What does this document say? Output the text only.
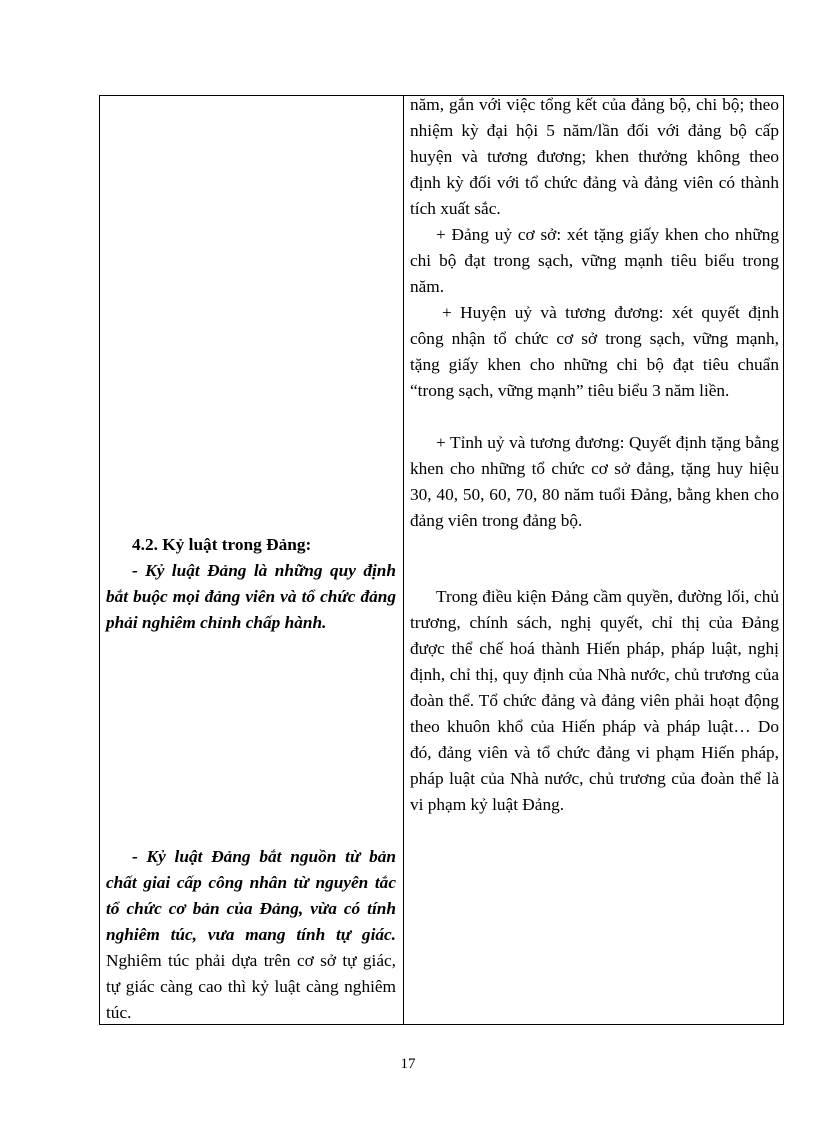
4.2. Kỷ luật trong Đảng:
- Kỷ luật Đảng là những quy định bắt buộc mọi đảng viên và tổ chức đảng phải nghiêm chỉnh chấp hành.
- Kỷ luật Đảng bắt nguồn từ bản chất giai cấp công nhân từ nguyên tắc tổ chức cơ bản của Đảng, vừa có tính nghiêm túc, vưa mang tính tự giác. Nghiêm túc phải dựa trên cơ sở tự giác, tự giác càng cao thì kỷ luật càng nghiêm túc.

năm, gắn với việc tổng kết của đảng bộ, chi bộ; theo nhiệm kỳ đại hội 5 năm/lần đối với đảng bộ cấp huyện và tương đương; khen thưởng không theo định kỳ đối với tổ chức đảng và đảng viên có thành tích xuất sắc.
+ Đảng uỷ cơ sở: xét tặng giấy khen cho những chi bộ đạt trong sạch, vững mạnh tiêu biểu trong năm.
+ Huyện uỷ và tương đương: xét quyết định công nhận tổ chức cơ sở trong sạch, vững mạnh, tặng giấy khen cho những chi bộ đạt tiêu chuẩn “trong sạch, vững mạnh” tiêu biểu 3 năm liền.
+ Tỉnh uỷ và tương đương: Quyết định tặng bằng khen cho những tổ chức cơ sở đảng, tặng huy hiệu 30, 40, 50, 60, 70, 80 năm tuổi Đảng, bằng khen cho đảng viên trong đảng bộ.
Trong điều kiện Đảng cầm quyền, đường lối, chủ trương, chính sách, nghị quyết, chỉ thị của Đảng được thể chế hoá thành Hiến pháp, pháp luật, nghị định, chỉ thị, quy định của Nhà nước, chủ trương của đoàn thể. Tổ chức đảng và đảng viên phải hoạt động theo khuôn khổ của Hiến pháp và pháp luật… Do đó, đảng viên và tổ chức đảng vi phạm Hiến pháp, pháp luật của Nhà nước, chủ trương của đoàn thể là vi phạm kỷ luật Đảng.
17
